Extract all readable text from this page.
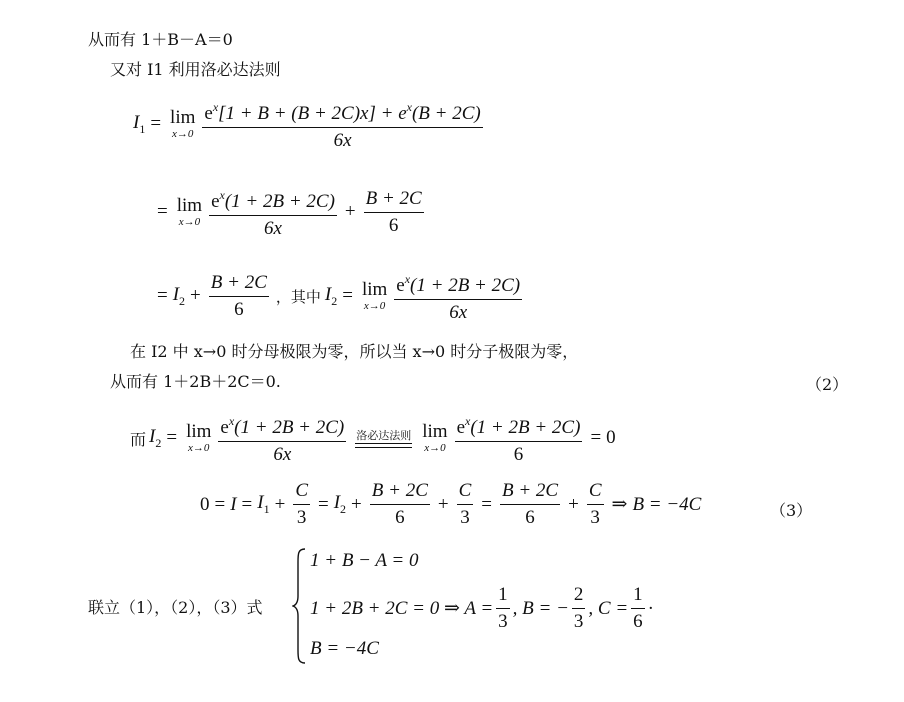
从而有 1＋B－A＝0
又对 I1 利用洛必达法则
$I_1 = \lim$
$x\to 0 \frac{e^x[1 + B + (B + 2C)x] + e^x(B + 2C)}{6x}$
= lim
$x\to 0 \frac{e^x(1 + 2B + 2C)}{6x} + \frac{B + 2C}{6}$
= $I_2 + \frac{B + 2C}{6}$ ，其中 $I_2 = \lim$
$x\to 0 \frac{e^x(1 + 2B + 2C)}{6x}$
在 I2 中 x→0 时分母极限为零，所以当 x→0 时分子极限为零，
从而有 1＋2B＋2C＝0.	（2）
而 $I_2 = \lim$
$x\to 0 \frac{e^x(1 + 2B + 2C)}{6x}$ 洛必达法则 lim
$x\to 0 \frac{e^x(1 + 2B + 2C)}{6} = 0$
$0 = I = I_1 + \frac{C}{3} = I_2 + \frac{B + 2C}{6} + \frac{C}{3} = \frac{B + 2C}{6} + \frac{C}{3}$ ⇒ B = −4C	（3）
联立（1），（2），（3）式
1 + B − A = 0
1 + 2B + 2C = 0 ⇒ $A = \frac{1}{3}$ , B = − $\frac{2}{3}$ , $C = \frac{1}{6}$ ·
B = −4C
